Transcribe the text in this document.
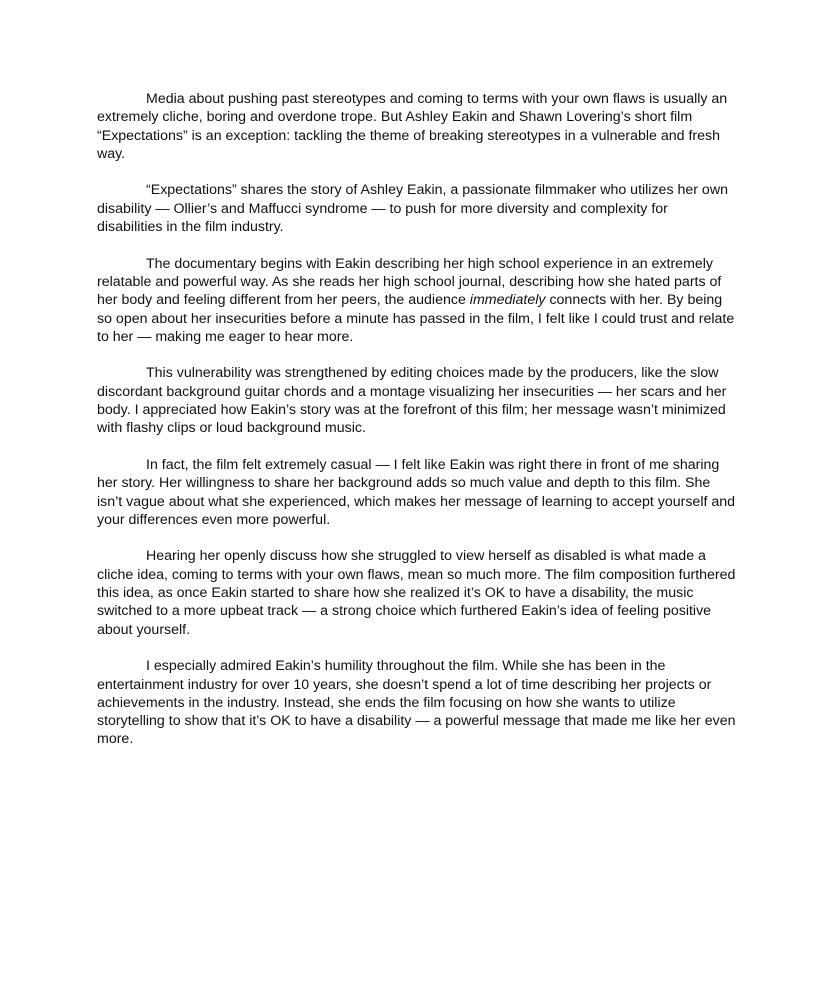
Media about pushing past stereotypes and coming to terms with your own flaws is usually an extremely cliche, boring and overdone trope. But Ashley Eakin and Shawn Lovering’s short film “Expectations” is an exception: tackling the theme of breaking stereotypes in a vulnerable and fresh way.

“Expectations” shares the story of Ashley Eakin, a passionate filmmaker who utilizes her own disability — Ollier’s and Maffucci syndrome — to push for more diversity and complexity for disabilities in the film industry.

The documentary begins with Eakin describing her high school experience in an extremely relatable and powerful way. As she reads her high school journal, describing how she hated parts of her body and feeling different from her peers, the audience immediately connects with her. By being so open about her insecurities before a minute has passed in the film, I felt like I could trust and relate to her — making me eager to hear more.

This vulnerability was strengthened by editing choices made by the producers, like the slow discordant background guitar chords and a montage visualizing her insecurities — her scars and her body. I appreciated how Eakin’s story was at the forefront of this film; her message wasn’t minimized with flashy clips or loud background music.

In fact, the film felt extremely casual — I felt like Eakin was right there in front of me sharing her story. Her willingness to share her background adds so much value and depth to this film. She isn’t vague about what she experienced, which makes her message of learning to accept yourself and your differences even more powerful.

Hearing her openly discuss how she struggled to view herself as disabled is what made a cliche idea, coming to terms with your own flaws, mean so much more. The film composition furthered this idea, as once Eakin started to share how she realized it’s OK to have a disability, the music switched to a more upbeat track — a strong choice which furthered Eakin’s idea of feeling positive about yourself.

I especially admired Eakin’s humility throughout the film. While she has been in the entertainment industry for over 10 years, she doesn’t spend a lot of time describing her projects or achievements in the industry. Instead, she ends the film focusing on how she wants to utilize storytelling to show that it’s OK to have a disability — a powerful message that made me like her even more.
